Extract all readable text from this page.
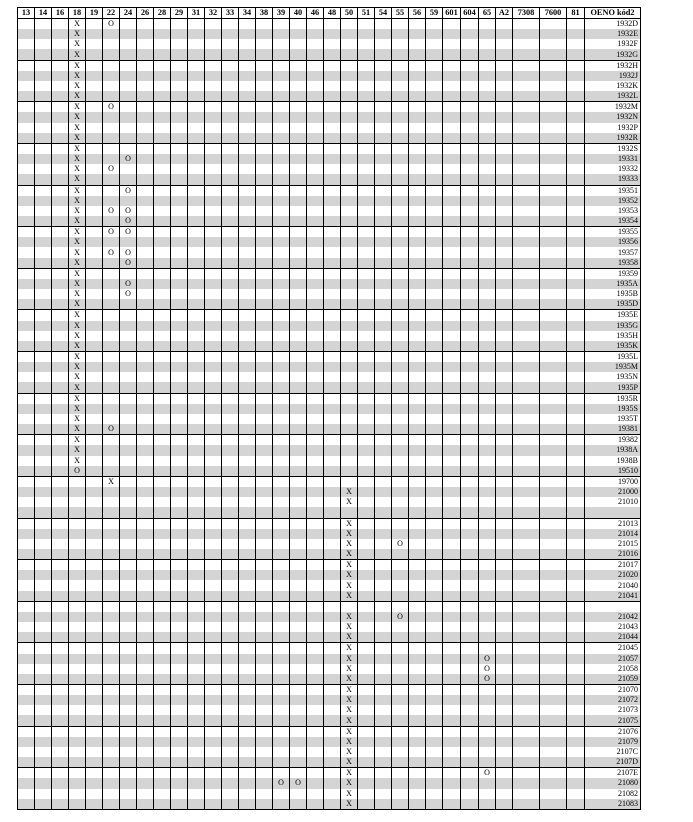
13	14	16	18	19	22	24	26	28	29	31	32	33	34	38	39	40	46	48	50	51	54	55	56	59	601	604	65	A2	7308	7600	81	OENO kód2
			X		O																											1932D
			X																													1932E
			X																													1932F
			X																													1932G
			X																													1932H
			X																													1932J
			X																													1932K
			X																													1932L
			X		O																											1932M
			X																													1932N
			X																													1932P
			X																													1932R
			X																													1932S
			X			O																										19331
			X		O																											19332
			X																													19333
			X			O																										19351
			X																													19352
			X		O	O																										19353
			X			O																										19354
			X		O	O																										19355
			X																													19356
			X		O	O																										19357
			X			O																										19358
			X																													19359
			X			O																										1935A
			X			O																										1935B
			X																													1935D
			X																													1935E
			X																													1935G
			X																													1935H
			X																													1935K
			X																													1935L
			X																													1935M
			X																													1935N
			X																													1935P
			X																													1935R
			X																													1935S
			X																													1935T
			X		O																											19381
			X																													19382
			X																													1938A
			X																													1938B
			O																													19510
					X																											19700
																			X													21000
																			X													21010

																			X													21013
																			X													21014
																			X			O										21015
																			X													21016
																			X													21017
																			X													21020
																			X													21040
																			X													21041

																			X			O										21042
																			X													21043
																			X													21044
																			X													21045
																			X								O					21057
																			X								O					21058
																			X								O					21059
																			X													21070
																			X													21072
																			X													21073
																			X													21075
																			X													21076
																			X													21079
																			X													2107C
																			X													2107D
																			X								O					2107E
															O	O			X													21080
																			X													21082
																			X													21083
